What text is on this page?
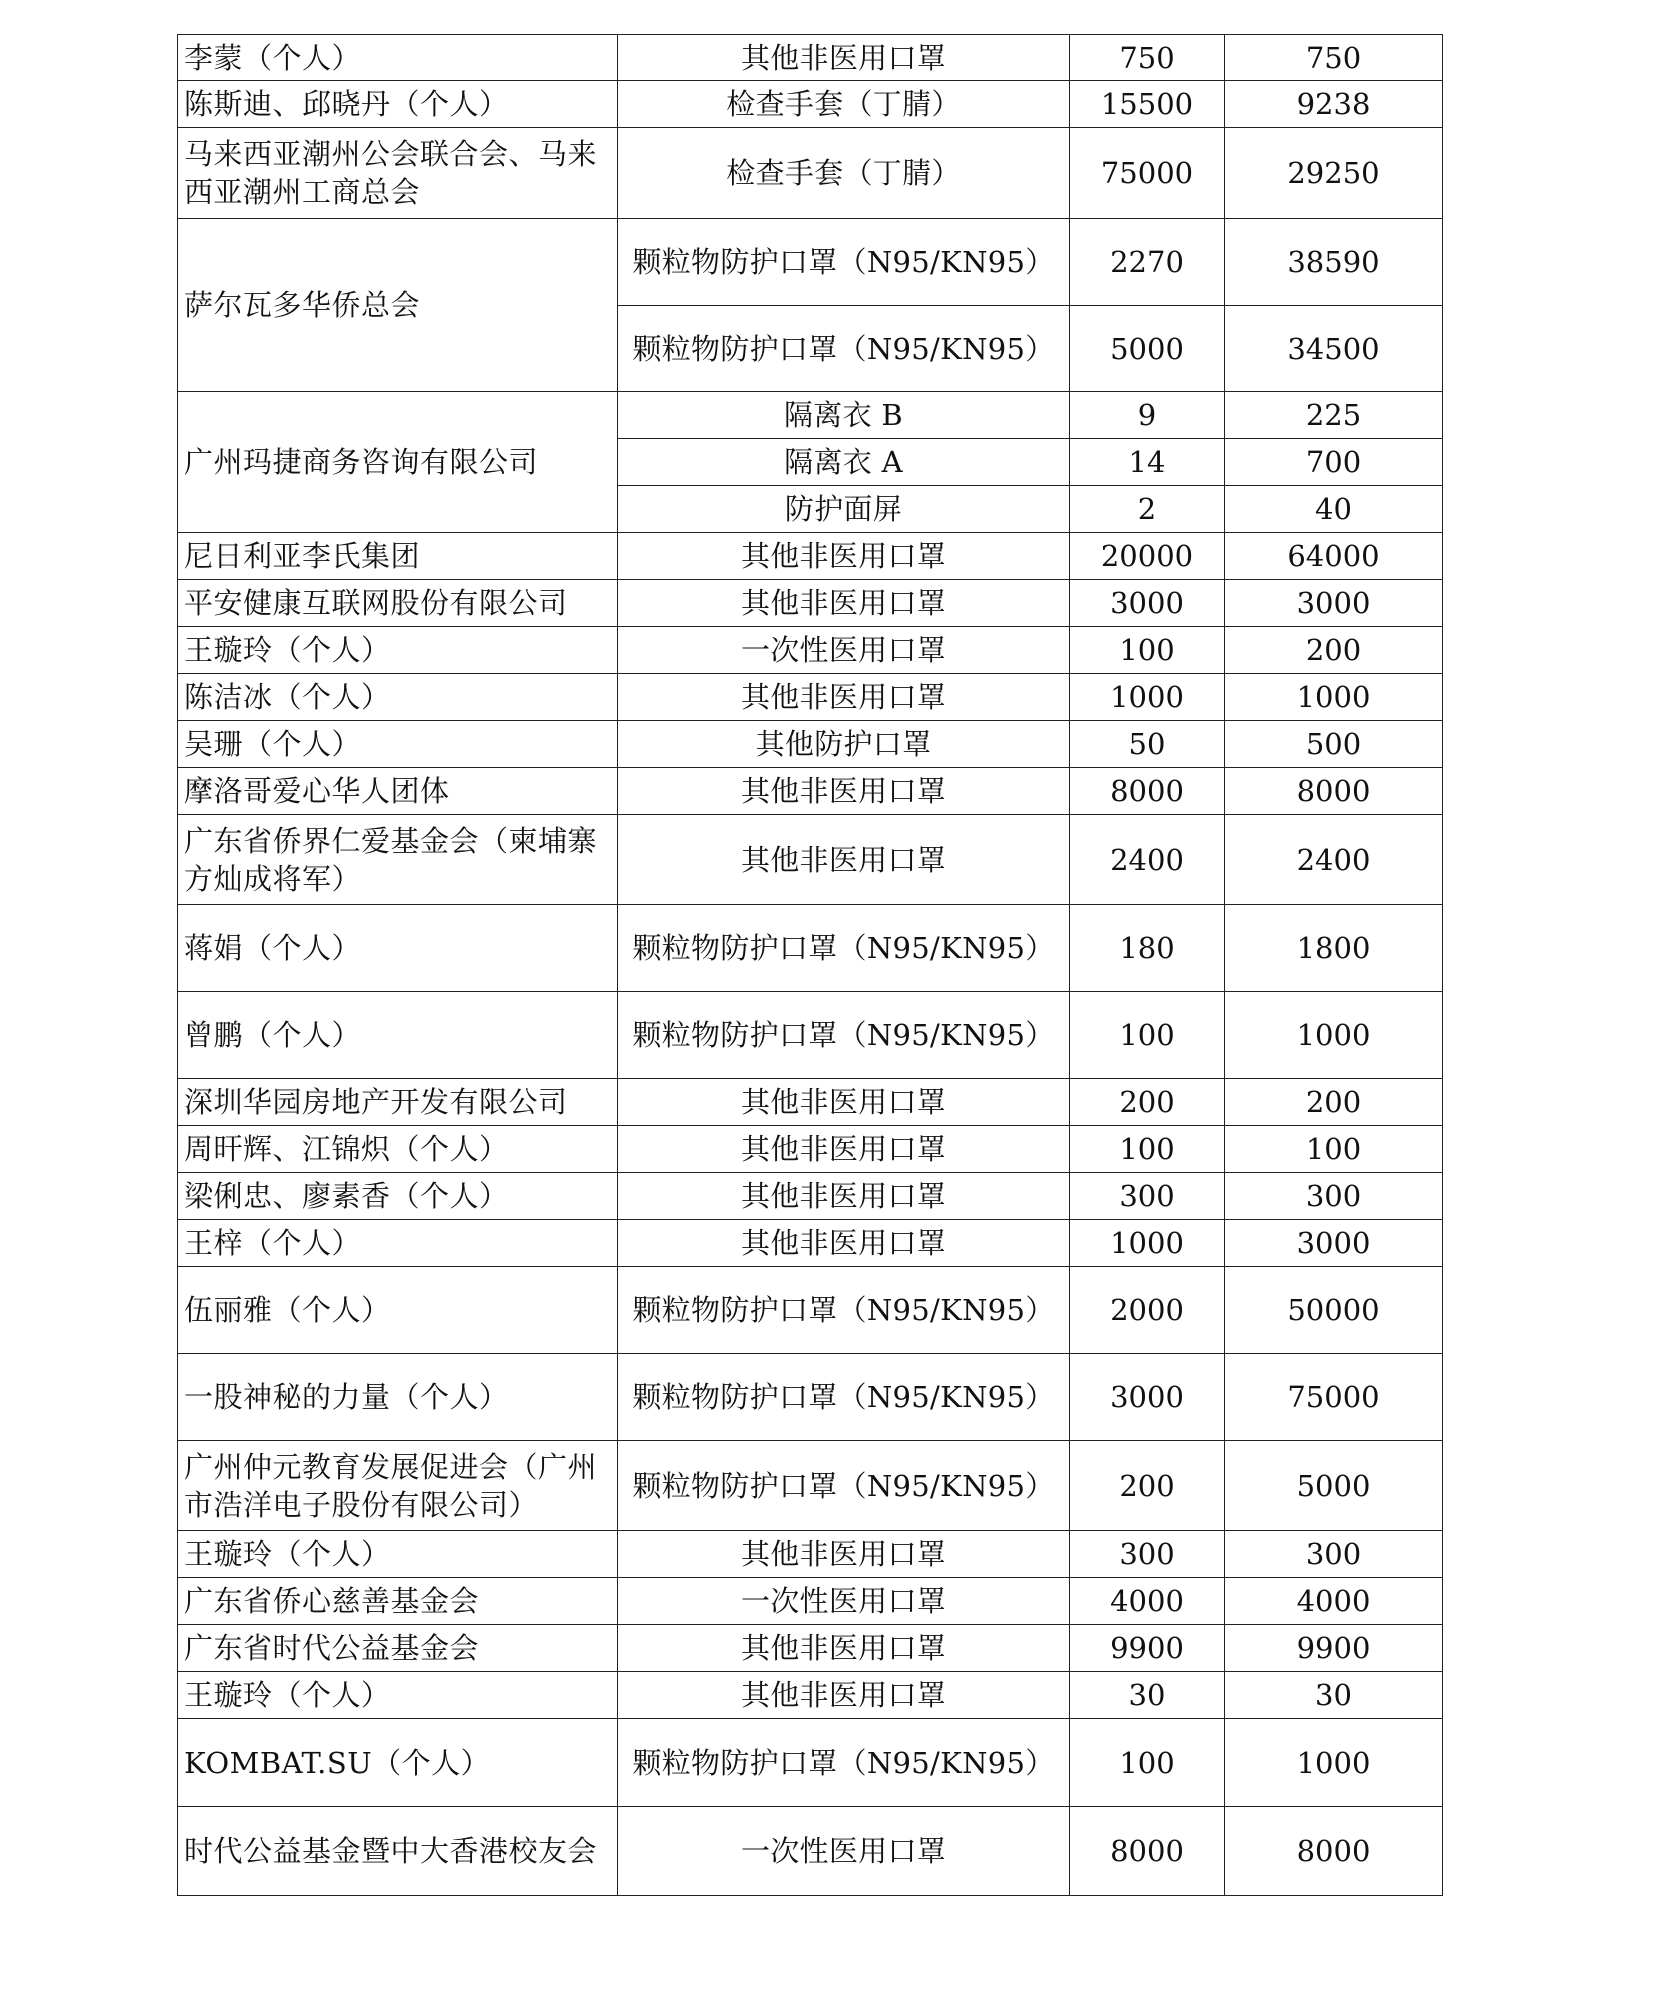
李蒙（个人）	其他非医用口罩	750	750
陈斯迪、邱晓丹（个人）	检查手套（丁腈）	15500	9238
马来西亚潮州公会联合会、马来西亚潮州工商总会	检查手套（丁腈）	75000	29250
萨尔瓦多华侨总会	颗粒物防护口罩（N95/KN95）	2270	38590
	颗粒物防护口罩（N95/KN95）	5000	34500
广州玛捷商务咨询有限公司	隔离衣 B	9	225
	隔离衣 A	14	700
	防护面屏	2	40
尼日利亚李氏集团	其他非医用口罩	20000	64000
平安健康互联网股份有限公司	其他非医用口罩	3000	3000
王璇玲（个人）	一次性医用口罩	100	200
陈洁冰（个人）	其他非医用口罩	1000	1000
吴珊（个人）	其他防护口罩	50	500
摩洛哥爱心华人团体	其他非医用口罩	8000	8000
广东省侨界仁爱基金会（柬埔寨方灿成将军）	其他非医用口罩	2400	2400
蒋娟（个人）	颗粒物防护口罩（N95/KN95）	180	1800
曾鹏（个人）	颗粒物防护口罩（N95/KN95）	100	1000
深圳华园房地产开发有限公司	其他非医用口罩	200	200
周旰辉、江锦炽（个人）	其他非医用口罩	100	100
梁俐忠、廖素香（个人）	其他非医用口罩	300	300
王梓（个人）	其他非医用口罩	1000	3000
伍丽雅（个人）	颗粒物防护口罩（N95/KN95）	2000	50000
一股神秘的力量（个人）	颗粒物防护口罩（N95/KN95）	3000	75000
广州仲元教育发展促进会（广州市浩洋电子股份有限公司）	颗粒物防护口罩（N95/KN95）	200	5000
王璇玲（个人）	其他非医用口罩	300	300
广东省侨心慈善基金会	一次性医用口罩	4000	4000
广东省时代公益基金会	其他非医用口罩	9900	9900
王璇玲（个人）	其他非医用口罩	30	30
KOMBAT.SU（个人）	颗粒物防护口罩（N95/KN95）	100	1000
时代公益基金暨中大香港校友会	一次性医用口罩	8000	8000
